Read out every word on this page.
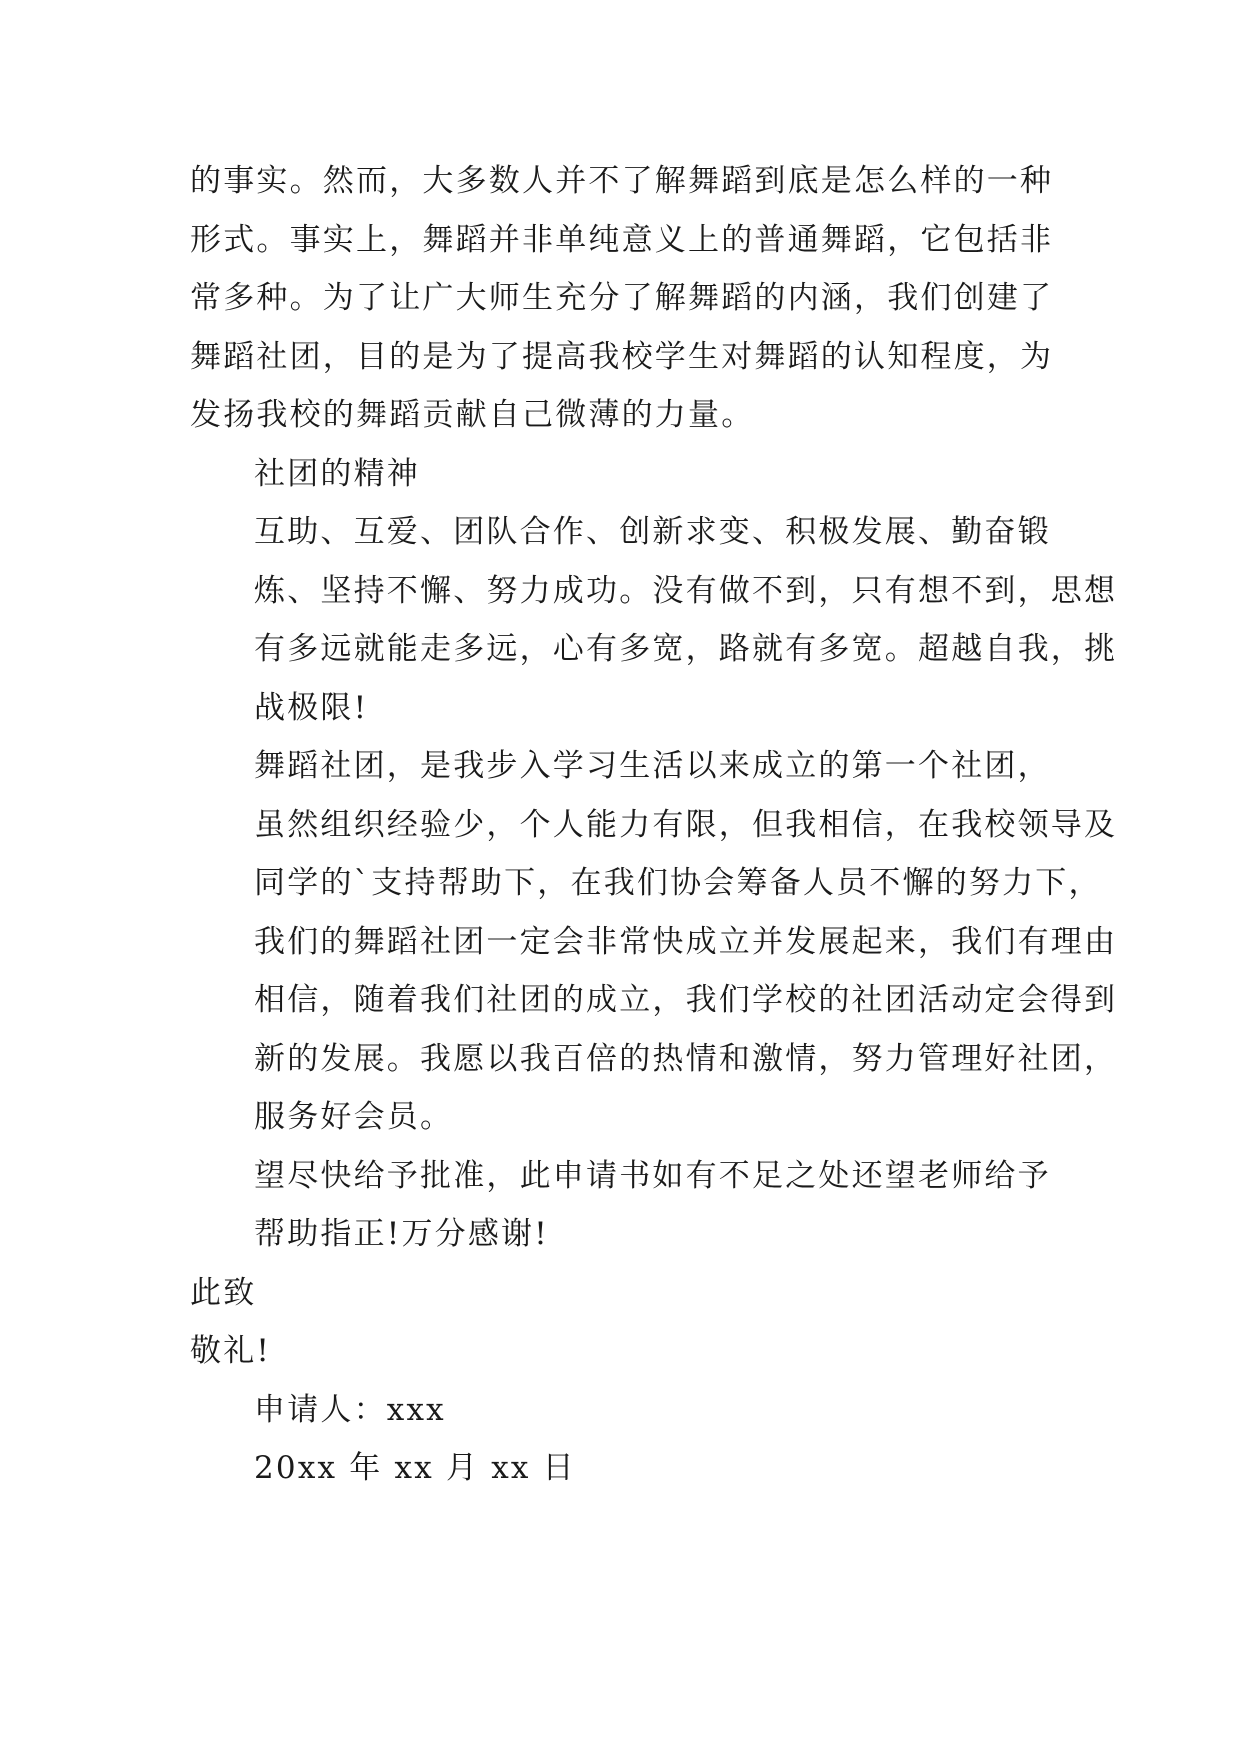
的事实。然而，大多数人并不了解舞蹈到底是怎么样的一种
形式。事实上，舞蹈并非单纯意义上的普通舞蹈，它包括非
常多种。为了让广大师生充分了解舞蹈的内涵，我们创建了
舞蹈社团，目的是为了提高我校学生对舞蹈的认知程度，为
发扬我校的舞蹈贡献自己微薄的力量。

社团的精神

互助、互爱、团队合作、创新求变、积极发展、勤奋锻
炼、坚持不懈、努力成功。没有做不到，只有想不到，思想
有多远就能走多远，心有多宽，路就有多宽。超越自我，挑
战极限!

舞蹈社团，是我步入学习生活以来成立的第一个社团，
虽然组织经验少，个人能力有限，但我相信，在我校领导及
同学的`支持帮助下，在我们协会筹备人员不懈的努力下，
我们的舞蹈社团一定会非常快成立并发展起来，我们有理由
相信，随着我们社团的成立，我们学校的社团活动定会得到
新的发展。我愿以我百倍的热情和激情，努力管理好社团，
服务好会员。

望尽快给予批准，此申请书如有不足之处还望老师给予
帮助指正!万分感谢!

此致

敬礼!

申请人：xxx

20xx 年 xx 月 xx 日
